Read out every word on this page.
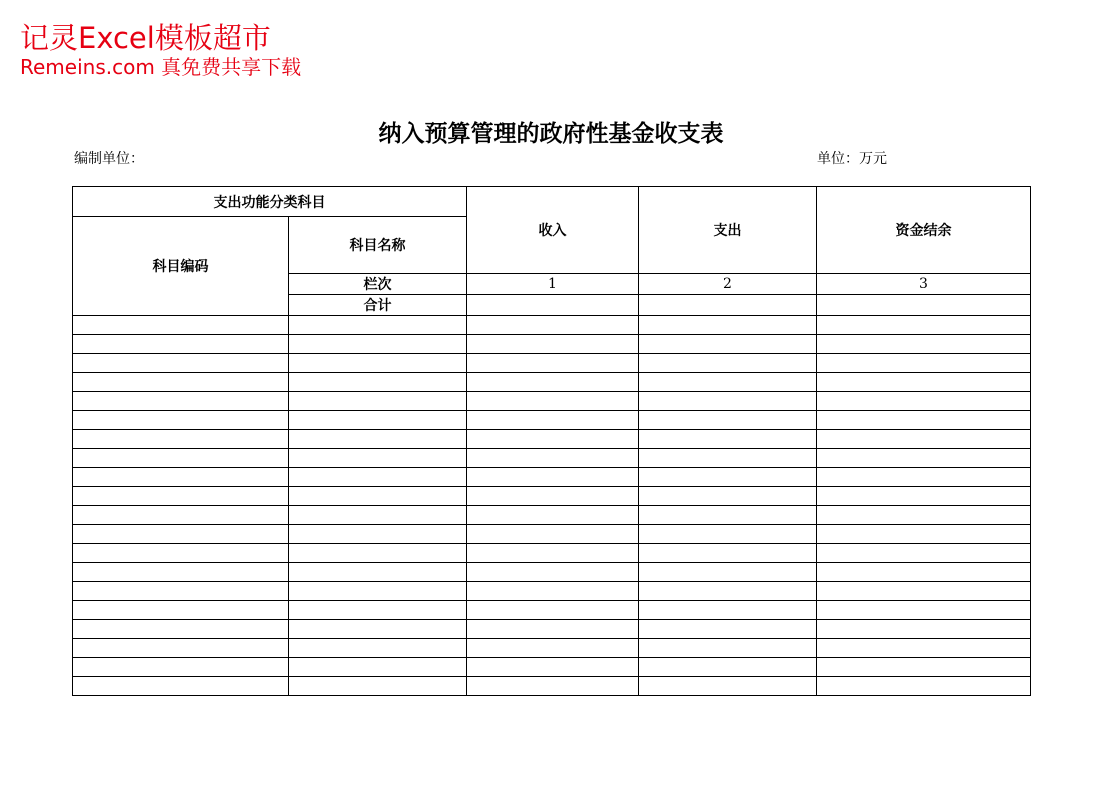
记灵Excel模板超市
Remeins.com 真免费共享下载
纳入预算管理的政府性基金收支表
编制单位：	单位：万元
支出功能分类科目		收入	支出	资金结余
科目编码	科目名称			
	栏次	1	2	3
	合计			
